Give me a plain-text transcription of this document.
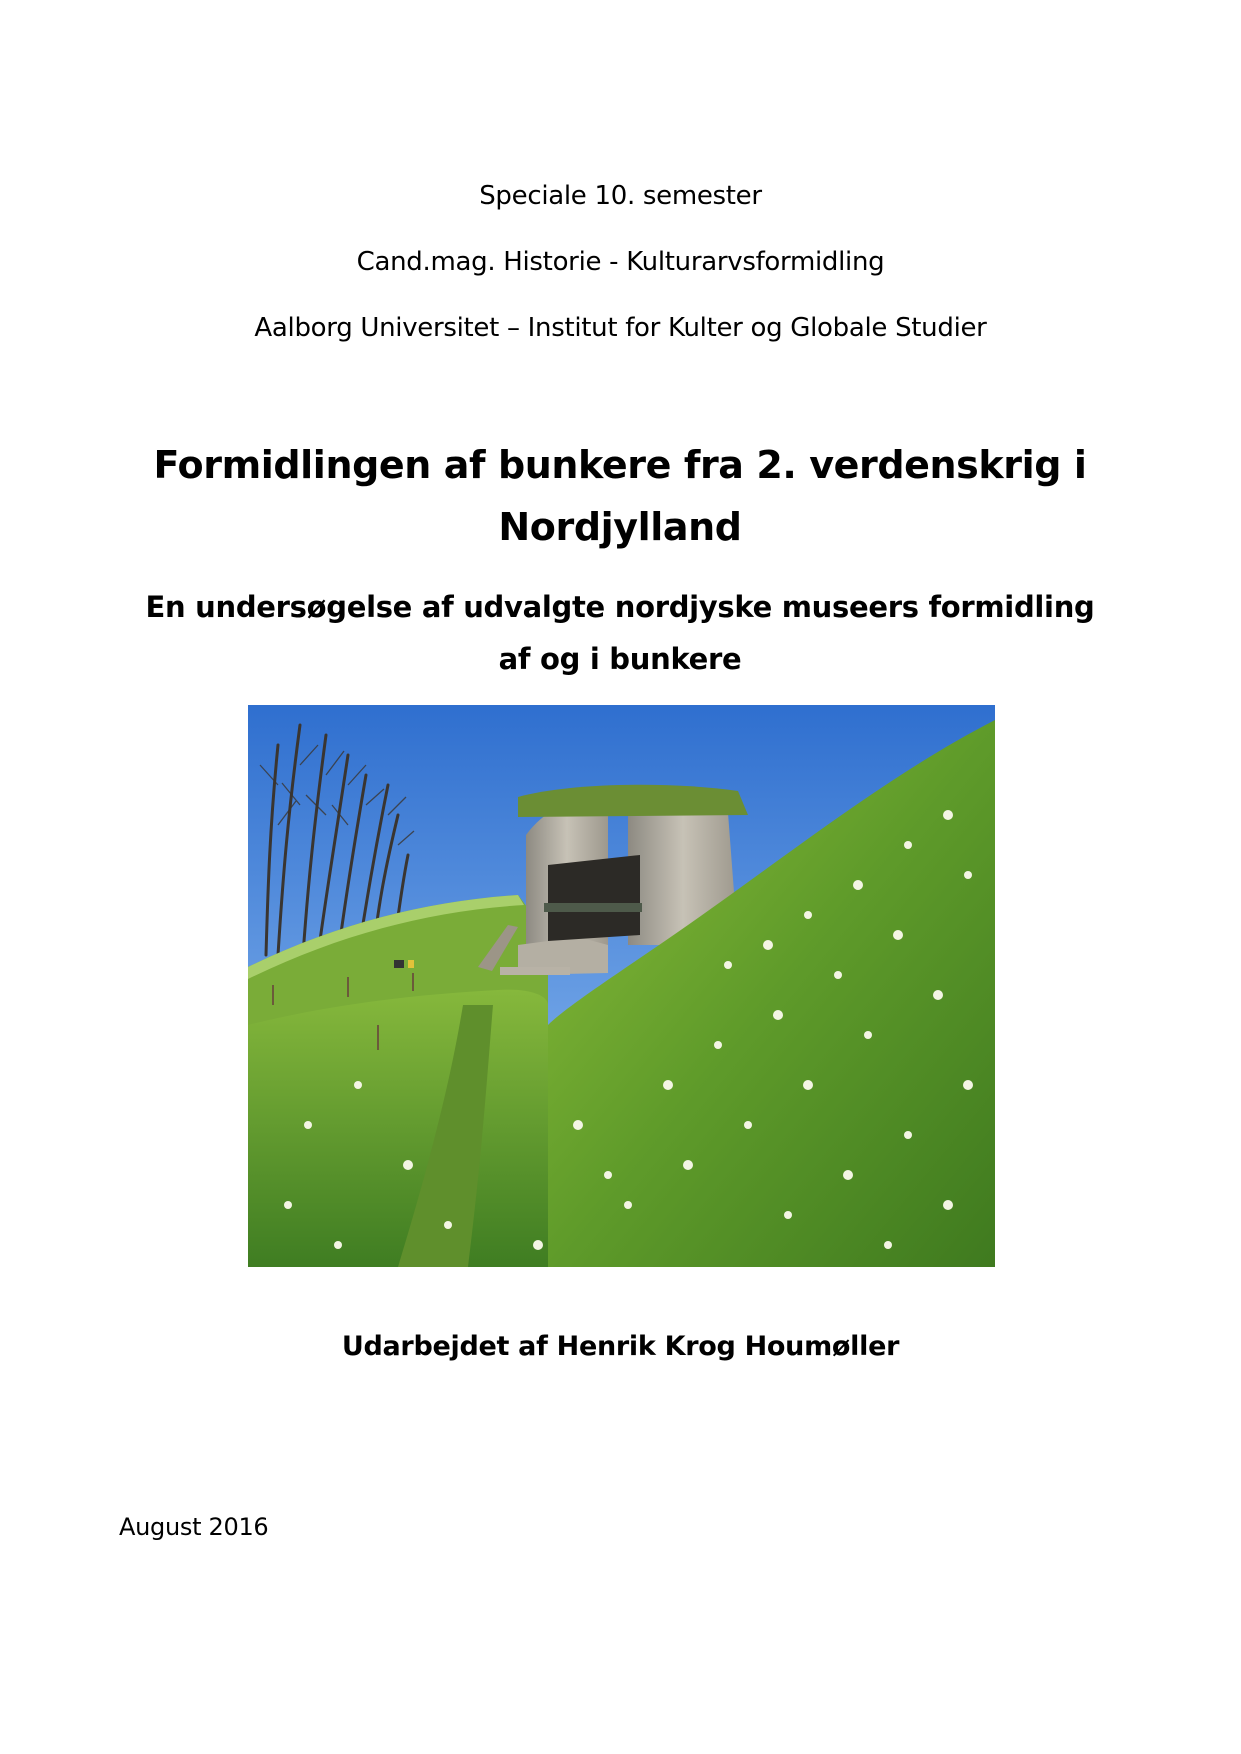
Speciale 10. semester
Cand.mag. Historie - Kulturarvsformidling
Aalborg Universitet – Institut for Kulter og Globale Studier
Formidlingen af bunkere fra 2. verdenskrig i Nordjylland
En undersøgelse af udvalgte nordjyske museers formidling af og i bunkere
Udarbejdet af Henrik Krog Houmøller
August 2016
